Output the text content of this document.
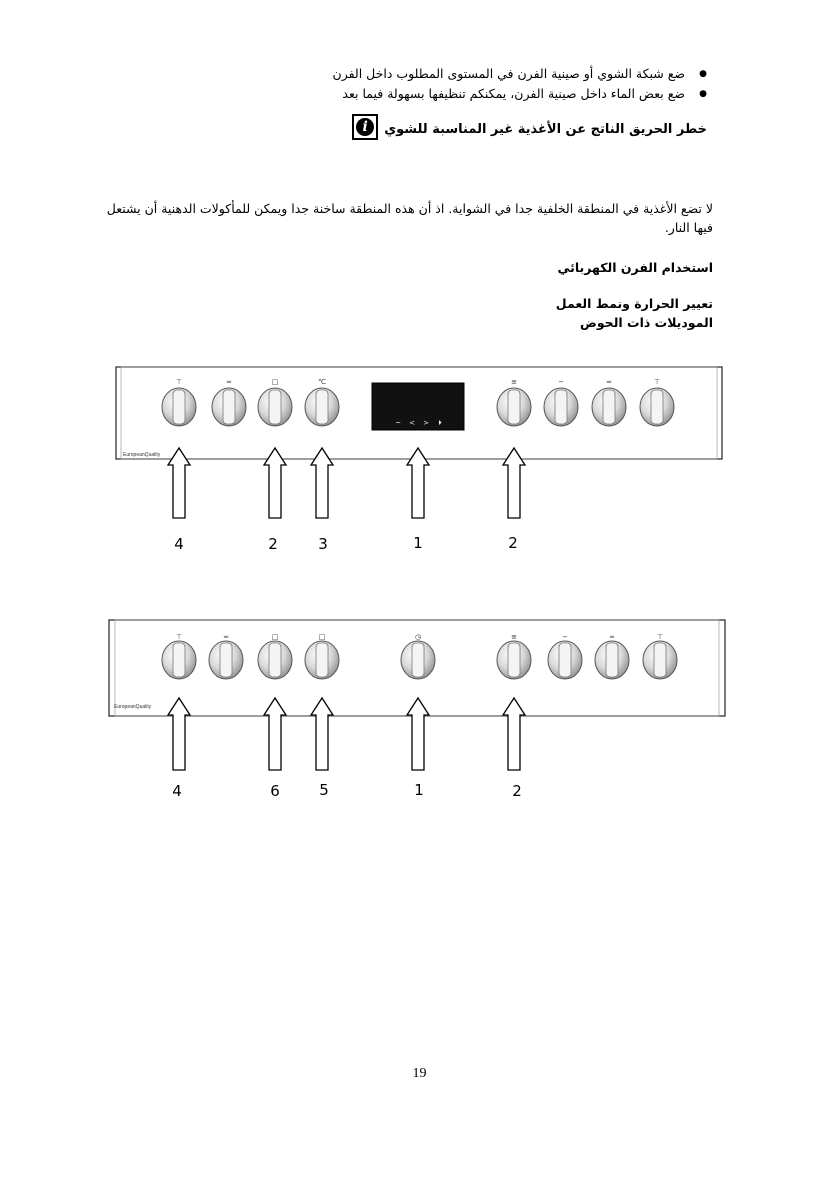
● ضع شبكة الشوي أو صينية الفرن في المستوى المطلوب داخل الفرن
● ضع بعض الماء داخل صينية الفرن، يمكنكم تنظيفها بسهولة فيما بعد
i	خطر الحريق الناتج عن الأغذية غير المناسبة للشوي
لا تضع الأغذية في المنطقة الخلفية جدا في الشواية. اذ أن هذه المنطقة ساخنة جدا ويمكن للمأكولات الدهنية أن يشتعل فيها النار.
استخدام الفرن الكهربائي
تعيير الحرارة ونمط العمل
الموديلات ذات الحوض
EuropeanQuality
⊤	═	□	℃
~ < > ⏵
≡	−	═	⊤
4	2	3	1	2
EuropeanQuality
⊤	═	□	□	◷	≡	−	═	⊤
4	6	5	1	2
19
